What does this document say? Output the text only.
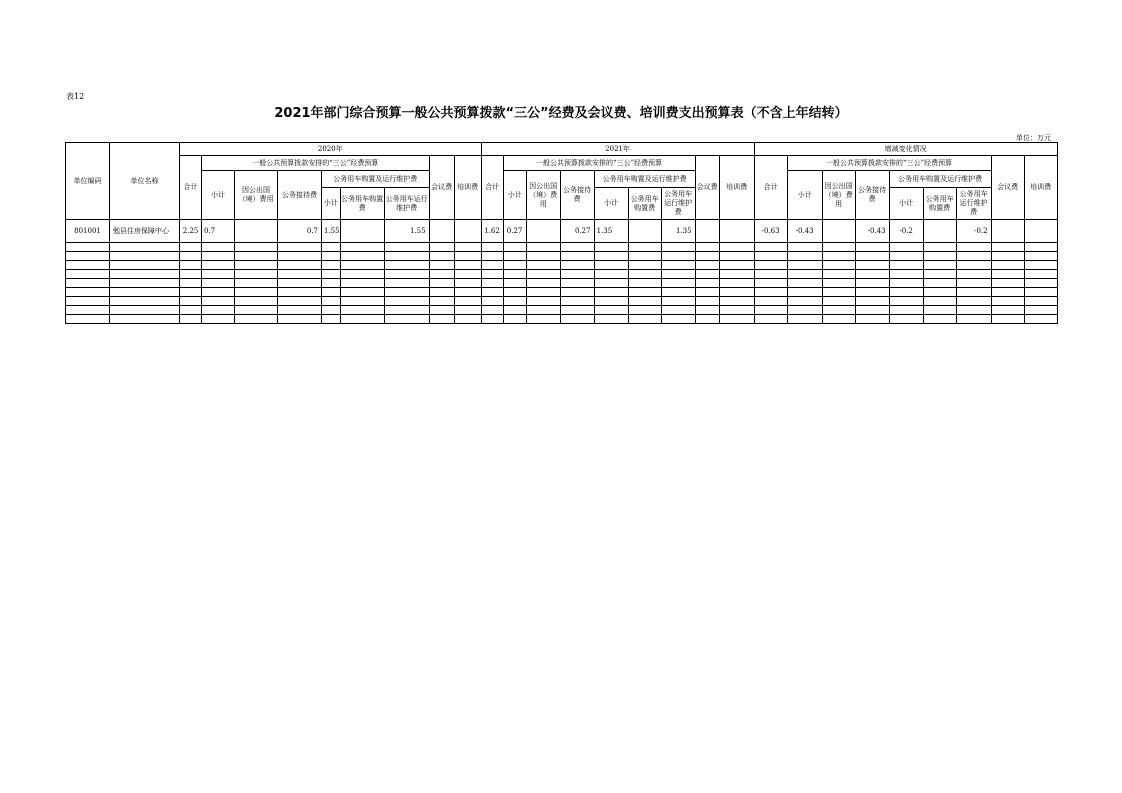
表12
2021年部门综合预算一般公共预算拨款“三公”经费及会议费、培训费支出预算表（不含上年结转）
单位：万元
单位编码	单位名称	2020年									2021年									增减变化情况								
		合计	一般公共预算拨款安排的“三公”经费预算						会议费	培训费	合计	一般公共预算拨款安排的“三公”经费预算						会议费	培训费	合计	一般公共预算拨款安排的“三公”经费预算						会议费	培训费
			小计	因公出国（境）费用	公务接待费	公务用车购置及运行维护费						小计	因公出国（境）费用	公务接待费	公务用车购置及运行维护费						小计	因公出国（境）费用	公务接待费	公务用车购置及运行维护费				
						小计	公务用车购置费	公务用车运行维护费							小计	公务用车购置费	公务用车运行维护费							小计	公务用车购置费	公务用车运行维护费		
801001	勉县住房保障中心	2.25	0.7		0.7	1.55		1.55			1.62	0.27		0.27	1.35		1.35			-0.63	-0.43		-0.43	-0.2		-0.2		
